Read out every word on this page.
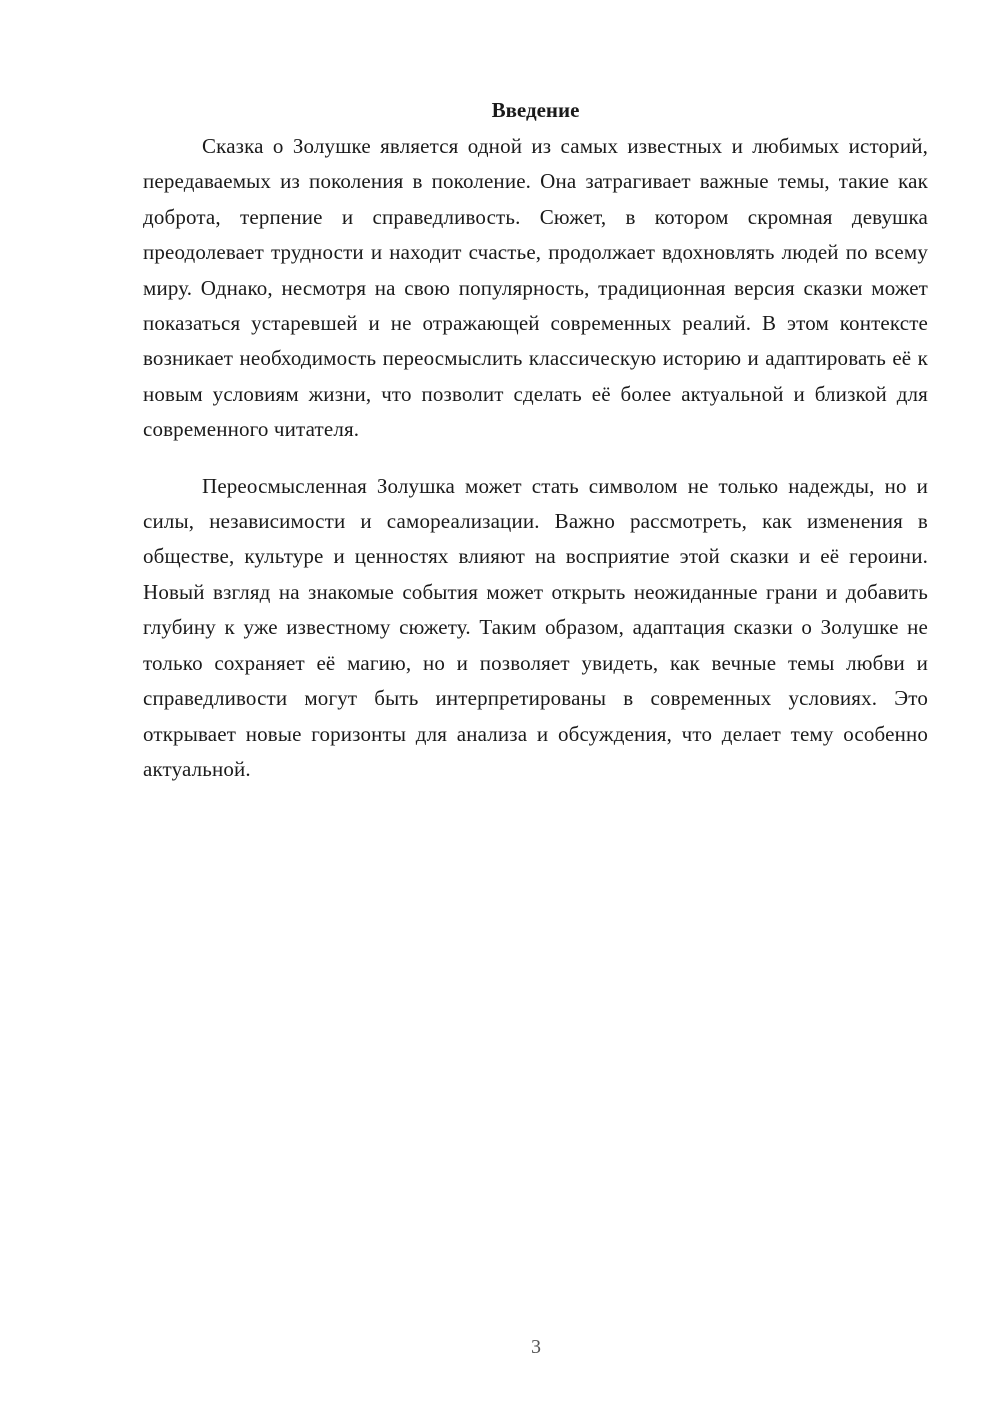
Введение

Сказка о Золушке является одной из самых известных и любимых историй, передаваемых из поколения в поколение. Она затрагивает важные темы, такие как доброта, терпение и справедливость. Сюжет, в котором скромная девушка преодолевает трудности и находит счастье, продолжает вдохновлять людей по всему миру. Однако, несмотря на свою популярность, традиционная версия сказки может показаться устаревшей и не отражающей современных реалий. В этом контексте возникает необходимость переосмыслить классическую историю и адаптировать её к новым условиям жизни, что позволит сделать её более актуальной и близкой для современного читателя.

Переосмысленная Золушка может стать символом не только надежды, но и силы, независимости и самореализации. Важно рассмотреть, как изменения в обществе, культуре и ценностях влияют на восприятие этой сказки и её героини. Новый взгляд на знакомые события может открыть неожиданные грани и добавить глубину к уже известному сюжету. Таким образом, адаптация сказки о Золушке не только сохраняет её магию, но и позволяет увидеть, как вечные темы любви и справедливости могут быть интерпретированы в современных условиях. Это открывает новые горизонты для анализа и обсуждения, что делает тему особенно актуальной.

3
